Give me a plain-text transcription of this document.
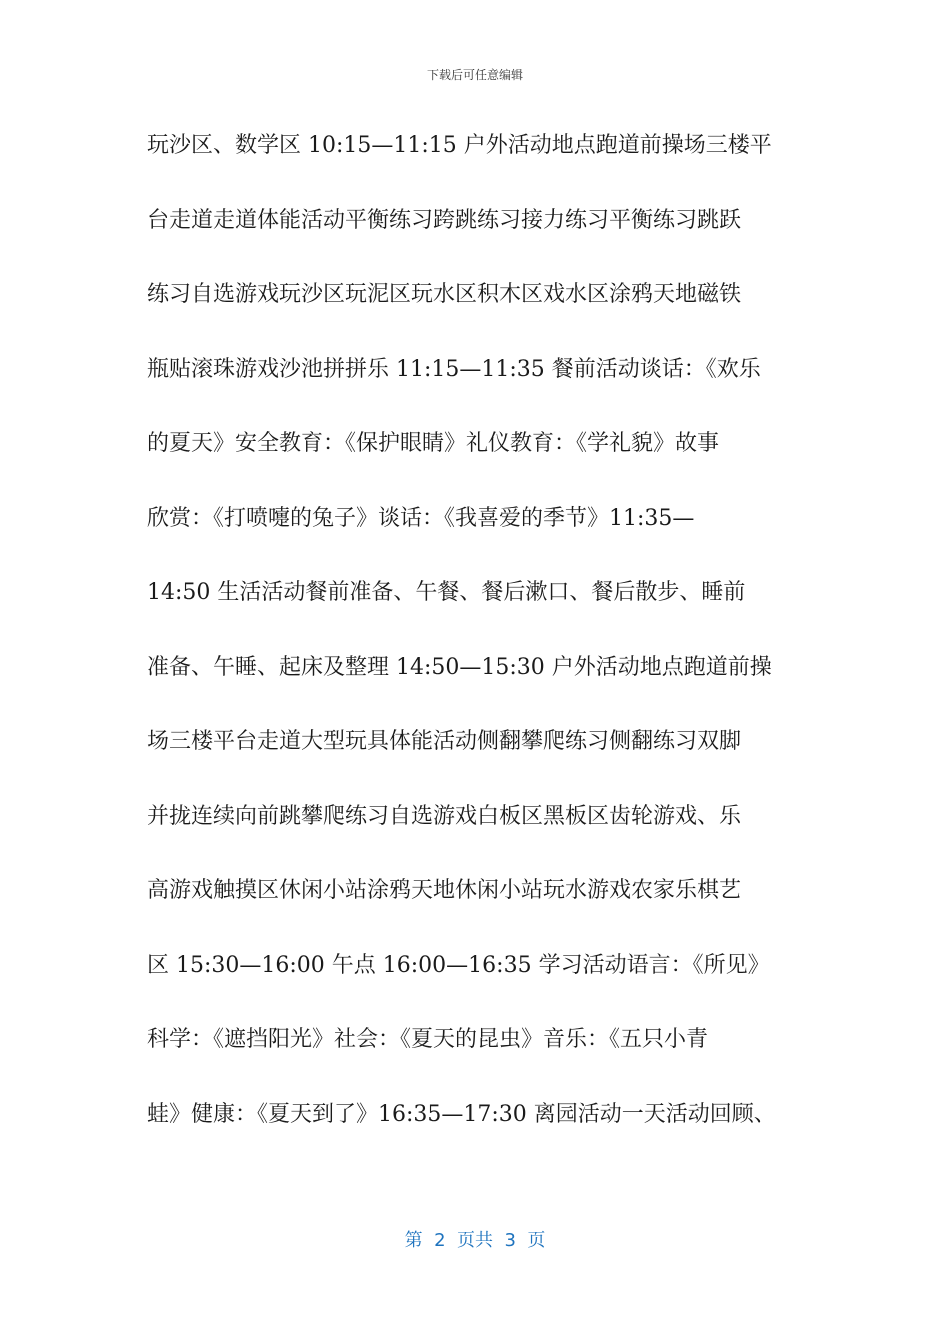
下载后可任意编辑
玩沙区、数学区 10:15—11:15 户外活动地点跑道前操场三楼平
台走道走道体能活动平衡练习跨跳练习接力练习平衡练习跳跃
练习自选游戏玩沙区玩泥区玩水区积木区戏水区涂鸦天地磁铁
瓶贴滚珠游戏沙池拼拼乐 11:15—11:35 餐前活动谈话：《欢乐
的夏天》安全教育：《保护眼睛》礼仪教育：《学礼貌》故事
欣赏：《打喷嚏的兔子》谈话：《我喜爱的季节》11:35—
14:50 生活活动餐前准备、午餐、餐后漱口、餐后散步、睡前
准备、午睡、起床及整理 14:50—15:30 户外活动地点跑道前操
场三楼平台走道大型玩具体能活动侧翻攀爬练习侧翻练习双脚
并拢连续向前跳攀爬练习自选游戏白板区黑板区齿轮游戏、乐
高游戏触摸区休闲小站涂鸦天地休闲小站玩水游戏农家乐棋艺
区 15:30—16:00 午点 16:00—16:35 学习活动语言：《所见》
科学：《遮挡阳光》社会：《夏天的昆虫》音乐：《五只小青
蛙》健康：《夏天到了》16:35—17:30 离园活动一天活动回顾、
第  2  页共  3  页
